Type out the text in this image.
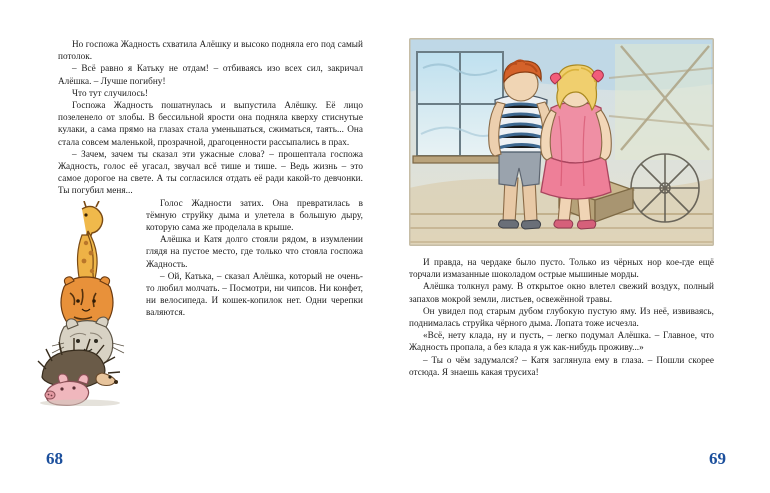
Но госпожа Жадность схватила Алёшку и высоко подняла его под самый потолок.

– Всё равно я Катьку не отдам! – отбиваясь изо всех сил, закричал Алёшка. – Лучше погибну!

Что тут случилось!

Госпожа Жадность пошатнулась и выпустила Алёшку. Её лицо позеленело от злобы. В бессильной ярости она подняла кверху стиснутые кулаки, а сама прямо на глазах стала уменьшаться, сжиматься, таять... Она стала совсем маленькой, прозрачной, драгоценности рассыпались в прах.

– Зачем, зачем ты сказал эти ужасные слова? – прошептала госпожа Жадность, голос её угасал, звучал всё тише и тише. – Ведь жизнь – это самое дорогое на свете. А ты согласился отдать её ради какой-то девчонки. Ты погубил меня...

Голос Жадности затих. Она превратилась в тёмную струйку дыма и улетела в большую дыру, которую сама же проделала в крыше.

Алёшка и Катя долго стояли рядом, в изумлении глядя на пустое место, где только что стояла госпожа Жадность.

– Ой, Катька, – сказал Алёшка, который не очень-то любил молчать. – Посмотри, ни чипсов. Ни конфет, ни велосипеда. И кошек-копилок нет. Одни черепки валяются.

68

И правда, на чердаке было пусто. Только из чёрных нор кое-где ещё торчали измазанные шоколадом острые мышиные морды.

Алёшка толкнул раму. В открытое окно влетел свежий воздух, полный запахов мокрой земли, листьев, освежённой травы.

Он увидел под старым дубом глубокую пустую яму. Из неё, извиваясь, поднималась струйка чёрного дыма. Лопата тоже исчезла.

«Всё, нету клада, ну и пусть, – легко подумал Алёшка. – Главное, что Жадность пропала, а без клада я уж как-нибудь проживу...»

– Ты о чём задумался? – Катя заглянула ему в глаза. – Пошли скорее отсюда. Я знаешь какая трусиха!

69
